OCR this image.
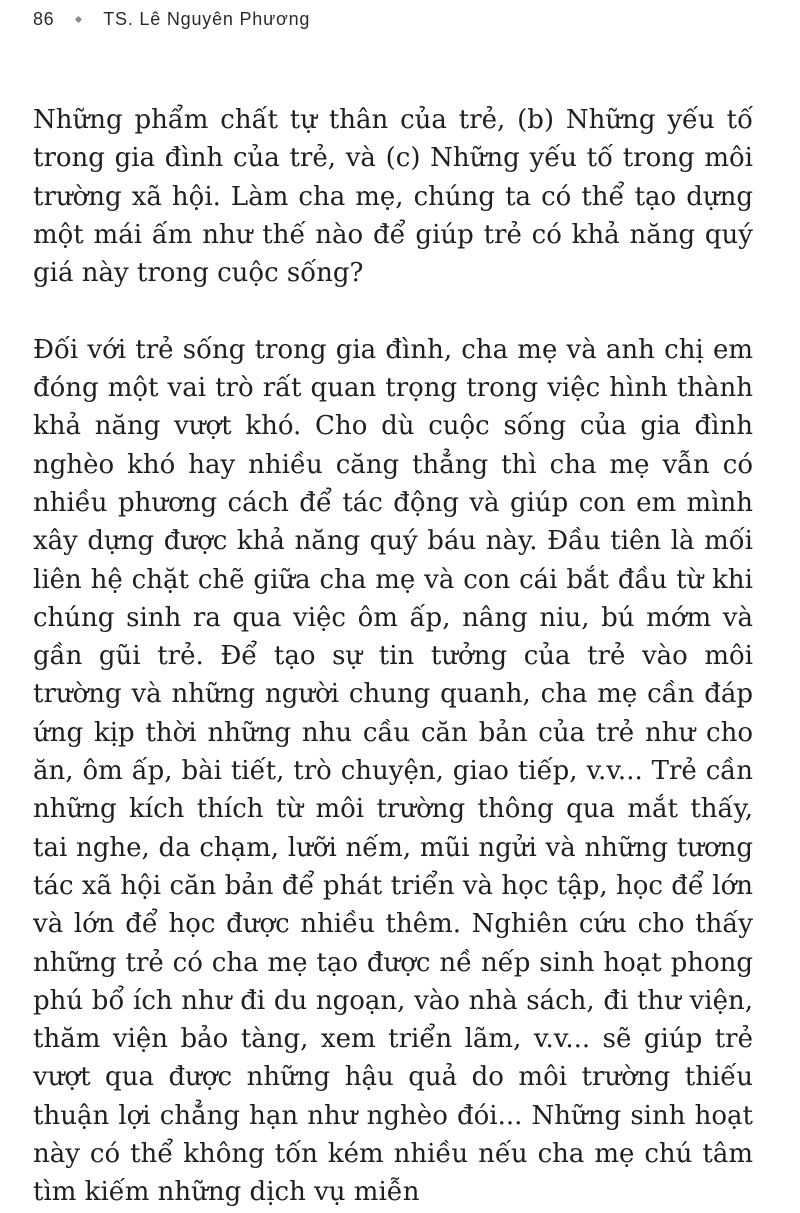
86	TS. Lê Nguyên Phương

Những phẩm chất tự thân của trẻ, (b) Những yếu tố trong gia đình của trẻ, và (c) Những yếu tố trong môi trường xã hội. Làm cha mẹ, chúng ta có thể tạo dựng một mái ấm như thế nào để giúp trẻ có khả năng quý giá này trong cuộc sống?

Đối với trẻ sống trong gia đình, cha mẹ và anh chị em đóng một vai trò rất quan trọng trong việc hình thành khả năng vượt khó. Cho dù cuộc sống của gia đình nghèo khó hay nhiều căng thẳng thì cha mẹ vẫn có nhiều phương cách để tác động và giúp con em mình xây dựng được khả năng quý báu này. Đầu tiên là mối liên hệ chặt chẽ giữa cha mẹ và con cái bắt đầu từ khi chúng sinh ra qua việc ôm ấp, nâng niu, bú mớm và gần gũi trẻ. Để tạo sự tin tưởng của trẻ vào môi trường và những người chung quanh, cha mẹ cần đáp ứng kịp thời những nhu cầu căn bản của trẻ như cho ăn, ôm ấp, bài tiết, trò chuyện, giao tiếp, v.v... Trẻ cần những kích thích từ môi trường thông qua mắt thấy, tai nghe, da chạm, lưỡi nếm, mũi ngửi và những tương tác xã hội căn bản để phát triển và học tập, học để lớn và lớn để học được nhiều thêm. Nghiên cứu cho thấy những trẻ có cha mẹ tạo được nề nếp sinh hoạt phong phú bổ ích như đi du ngoạn, vào nhà sách, đi thư viện, thăm viện bảo tàng, xem triển lãm, v.v... sẽ giúp trẻ vượt qua được những hậu quả do môi trường thiếu thuận lợi chẳng hạn như nghèo đói... Những sinh hoạt này có thể không tốn kém nhiều nếu cha mẹ chú tâm tìm kiếm những dịch vụ miễn
